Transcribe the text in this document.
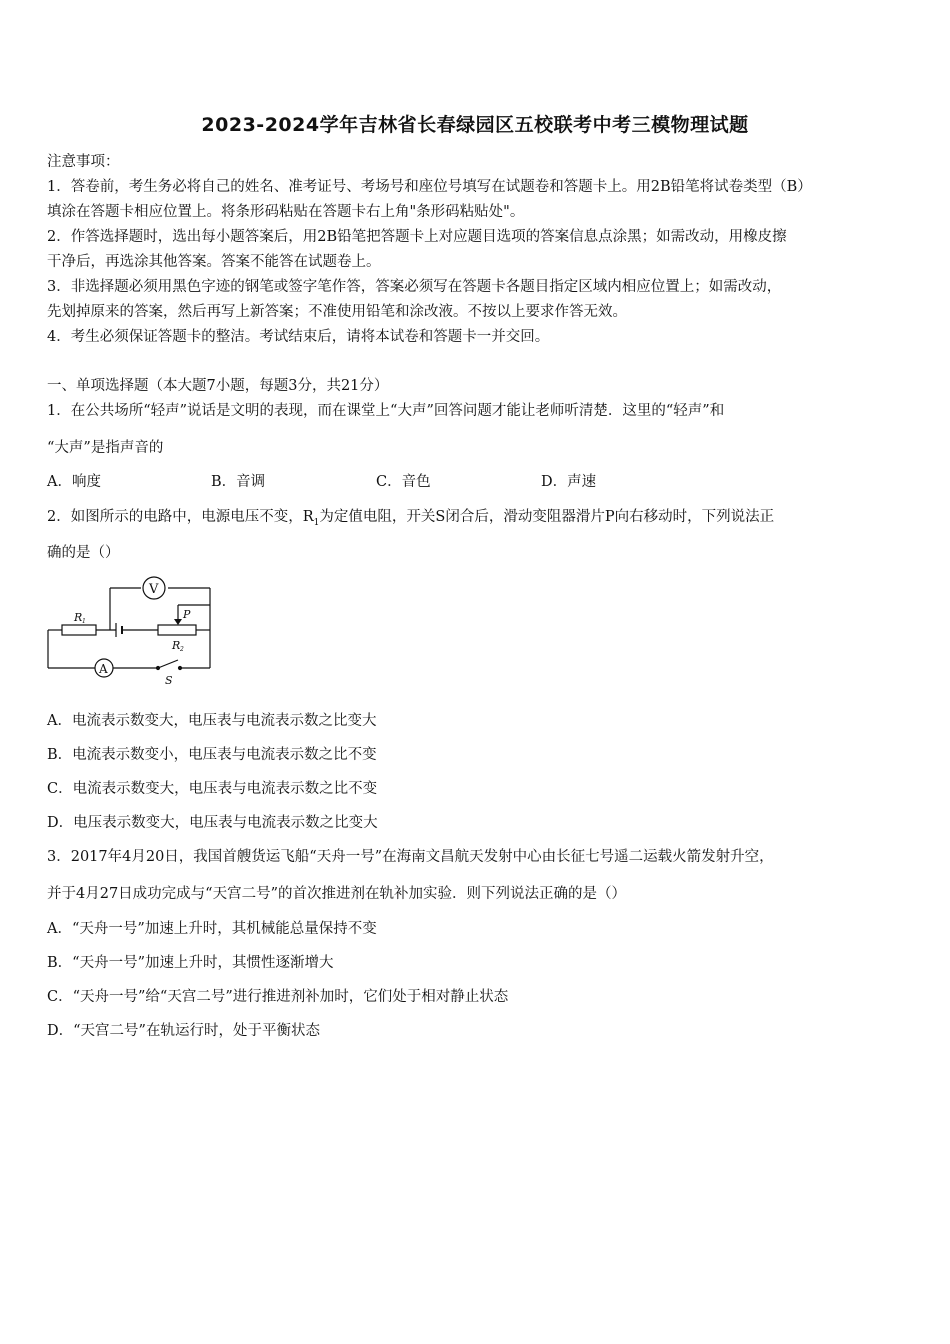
2023-2024学年吉林省长春绿园区五校联考中考三模物理试题
注意事项：
1．答卷前，考生务必将自己的姓名、准考证号、考场号和座位号填写在试题卷和答题卡上。用2B铅笔将试卷类型（B）
填涂在答题卡相应位置上。将条形码粘贴在答题卡右上角"条形码粘贴处"。
2．作答选择题时，选出每小题答案后，用2B铅笔把答题卡上对应题目选项的答案信息点涂黑；如需改动，用橡皮擦
干净后，再选涂其他答案。答案不能答在试题卷上。
3．非选择题必须用黑色字迹的钢笔或签字笔作答，答案必须写在答题卡各题目指定区域内相应位置上；如需改动，
先划掉原来的答案，然后再写上新答案；不准使用铅笔和涂改液。不按以上要求作答无效。
4．考生必须保证答题卡的整洁。考试结束后，请将本试卷和答题卡一并交回。
一、单项选择题（本大题7小题，每题3分，共21分）
1．在公共场所“轻声”说话是文明的表现，而在课堂上“大声”回答问题才能让老师听清楚．这里的“轻声”和
“大声”是指声音的
A．响度	B．音调	C．音色	D．声速
2．如图所示的电路中，电源电压不变，$R_1$为定值电阻，开关S闭合后，滑动变阻器滑片P向右移动时，下列说法正
确的是（）
V
A
R 1
R 2
P
S
A．电流表示数变大，电压表与电流表示数之比变大
B．电流表示数变小，电压表与电流表示数之比不变
C．电流表示数变大，电压表与电流表示数之比不变
D．电压表示数变大，电压表与电流表示数之比变大
3．2017年4月20日，我国首艘货运飞船“天舟一号”在海南文昌航天发射中心由长征七号遥二运载火箭发射升空，
并于4月27日成功完成与“天宫二号”的首次推进剂在轨补加实验．则下列说法正确的是（）
A．“天舟一号”加速上升时，其机械能总量保持不变
B．“天舟一号”加速上升时，其惯性逐渐增大
C．“天舟一号”给“天宫二号”进行推进剂补加时，它们处于相对静止状态
D．“天宫二号”在轨运行时，处于平衡状态
